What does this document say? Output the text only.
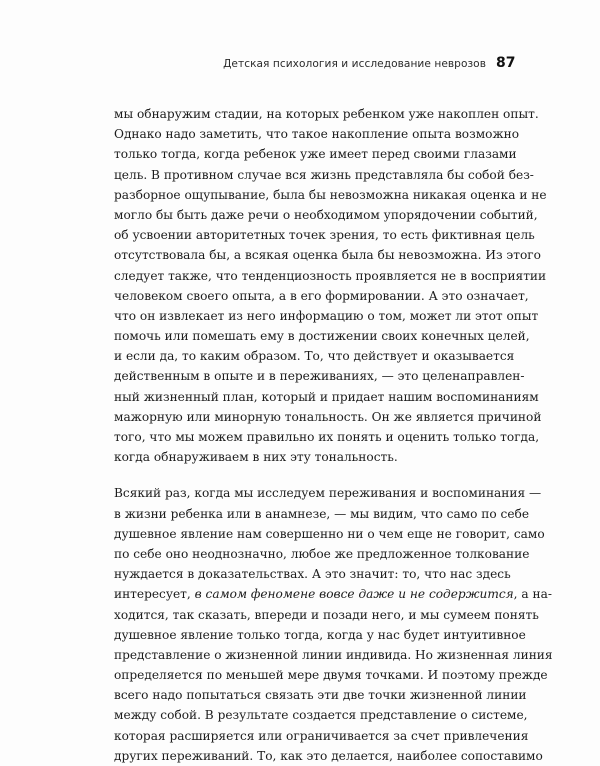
Детская психология и исследование неврозов 87
мы обнаружим стадии, на которых ребенком уже накоплен опыт.
Однако надо заметить, что такое накопление опыта возможно
только тогда, когда ребенок уже имеет перед своими глазами
цель. В противном случае вся жизнь представляла бы собой без-
разборное ощупывание, была бы невозможна никакая оценка и не
могло бы быть даже речи о необходимом упорядочении событий,
об усвоении авторитетных точек зрения, то есть фиктивная цель
отсутствовала бы, а всякая оценка была бы невозможна. Из этого
следует также, что тенденциозность проявляется не в восприятии
человеком своего опыта, а в его формировании. А это означает,
что он извлекает из него информацию о том, может ли этот опыт
помочь или помешать ему в достижении своих конечных целей,
и если да, то каким образом. То, что действует и оказывается
действенным в опыте и в переживаниях, — это целенаправлен-
ный жизненный план, который и придает нашим воспоминаниям
мажорную или минорную тональность. Он же является причиной
того, что мы можем правильно их понять и оценить только тогда,
когда обнаруживаем в них эту тональность.
Всякий раз, когда мы исследуем переживания и воспоминания —
в жизни ребенка или в анамнезе, — мы видим, что само по себе
душевное явление нам совершенно ни о чем еще не говорит, само
по себе оно неоднозначно, любое же предложенное толкование
нуждается в доказательствах. А это значит: то, что нас здесь
интересует, в самом феномене вовсе даже и не содержится, а на-
ходится, так сказать, впереди и позади него, и мы сумеем понять
душевное явление только тогда, когда у нас будет интуитивное
представление о жизненной линии индивида. Но жизненная линия
определяется по меньшей мере двумя точками. И поэтому прежде
всего надо попытаться связать эти две точки жизненной линии
между собой. В результате создается представление о системе,
которая расширяется или ограничивается за счет привлечения
других переживаний. То, как это делается, наиболее сопоставимо
